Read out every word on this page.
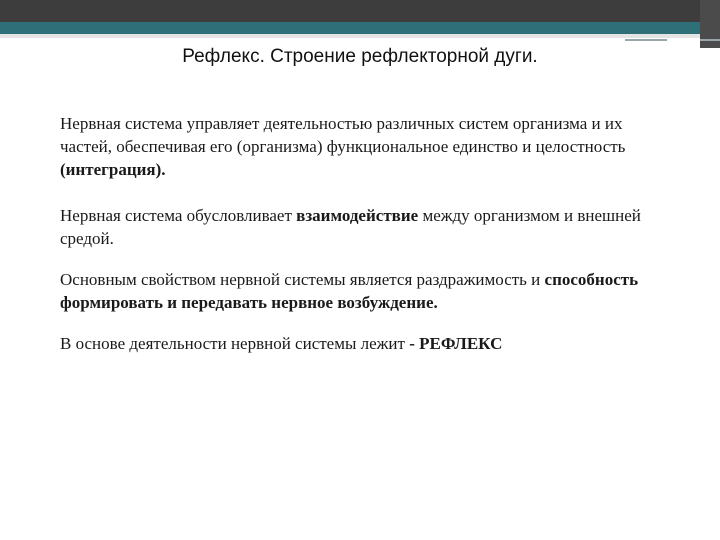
Рефлекс. Строение рефлекторной дуги.

Нервная система управляет деятельностью различных систем организма и их частей, обеспечивая его (организма) функциональное единство и целостность (интеграция).

Нервная система обусловливает взаимодействие между организмом и внешней средой.

Основным свойством нервной системы является раздражимость и способность формировать и передавать нервное возбуждение.

В основе деятельности нервной системы лежит - РЕФЛЕКС
